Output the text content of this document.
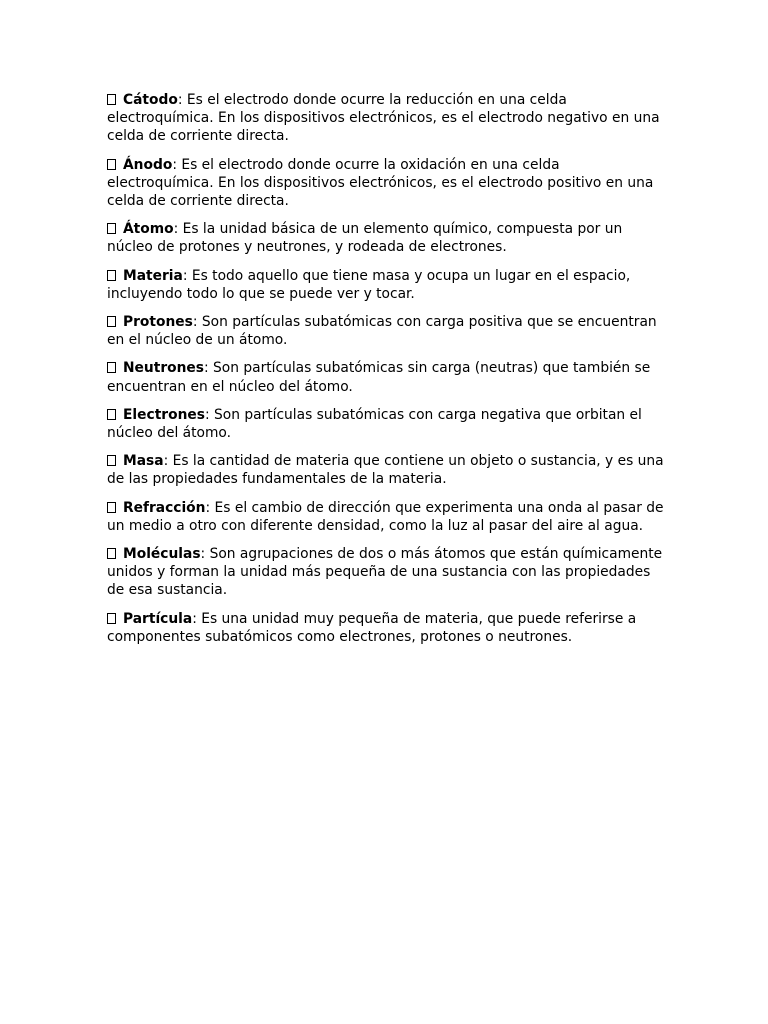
Cátodo: Es el electrodo donde ocurre la reducción en una celda electroquímica. En los dispositivos electrónicos, es el electrodo negativo en una celda de corriente directa.

Ánodo: Es el electrodo donde ocurre la oxidación en una celda electroquímica. En los dispositivos electrónicos, es el electrodo positivo en una celda de corriente directa.

Átomo: Es la unidad básica de un elemento químico, compuesta por un núcleo de protones y neutrones, y rodeada de electrones.

Materia: Es todo aquello que tiene masa y ocupa un lugar en el espacio, incluyendo todo lo que se puede ver y tocar.

Protones: Son partículas subatómicas con carga positiva que se encuentran en el núcleo de un átomo.

Neutrones: Son partículas subatómicas sin carga (neutras) que también se encuentran en el núcleo del átomo.

Electrones: Son partículas subatómicas con carga negativa que orbitan el núcleo del átomo.

Masa: Es la cantidad de materia que contiene un objeto o sustancia, y es una de las propiedades fundamentales de la materia.

Refracción: Es el cambio de dirección que experimenta una onda al pasar de un medio a otro con diferente densidad, como la luz al pasar del aire al agua.

Moléculas: Son agrupaciones de dos o más átomos que están químicamente unidos y forman la unidad más pequeña de una sustancia con las propiedades de esa sustancia.

Partícula: Es una unidad muy pequeña de materia, que puede referirse a componentes subatómicos como electrones, protones o neutrones.
